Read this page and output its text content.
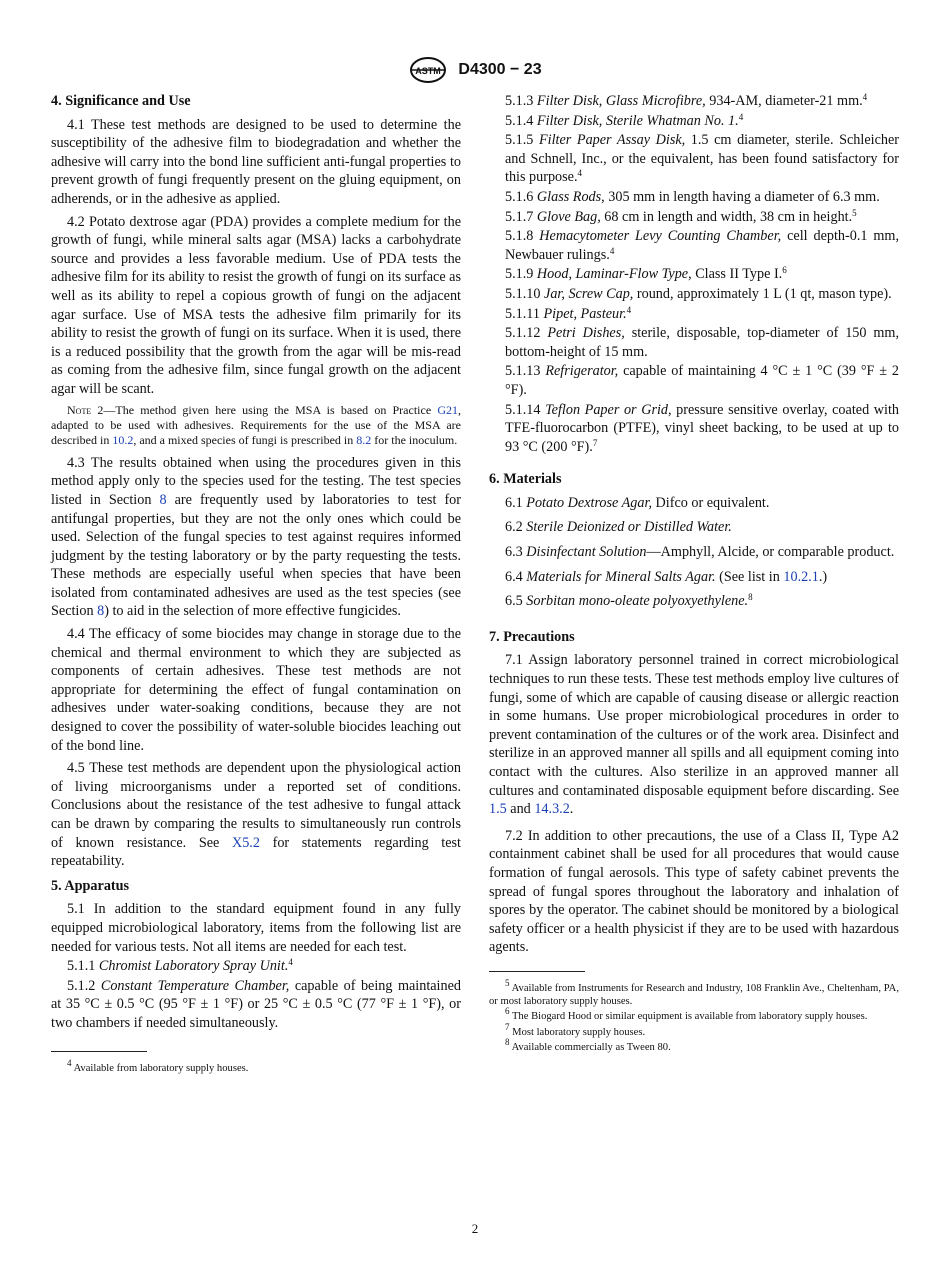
ASTM D4300 − 23
4. Significance and Use

4.1 These test methods are designed to be used to determine the susceptibility of the adhesive film to biodegradation and whether the adhesive will carry into the bond line sufficient anti-fungal properties to prevent growth of fungi frequently present on the gluing equipment, on adherends, or in the adhesive as applied.

4.2 Potato dextrose agar (PDA) provides a complete medium for the growth of fungi, while mineral salts agar (MSA) lacks a carbohydrate source and provides a less favorable medium. Use of PDA tests the adhesive film for its ability to resist the growth of fungi on its surface as well as its ability to repel a copious growth of fungi on the adjacent agar surface. Use of MSA tests the adhesive film primarily for its ability to resist the growth of fungi on its surface. When it is used, there is a reduced possibility that the growth from the agar will be mis-read as coming from the adhesive film, since fungal growth on the adjacent agar will be scant.

Note 2—The method given here using the MSA is based on Practice G21, adapted to be used with adhesives. Requirements for the use of the MSA are described in 10.2, and a mixed species of fungi is prescribed in 8.2 for the inoculum.

4.3 The results obtained when using the procedures given in this method apply only to the species used for the testing. The test species listed in Section 8 are frequently used by laboratories to test for antifungal properties, but they are not the only ones which could be used. Selection of the fungal species to test against requires informed judgment by the testing laboratory or by the party requesting the tests. These methods are especially useful when species that have been isolated from contaminated adhesives are used as the test species (see Section 8) to aid in the selection of more effective fungicides.

4.4 The efficacy of some biocides may change in storage due to the chemical and thermal environment to which they are subjected as components of certain adhesives. These test methods are not appropriate for determining the effect of fungal contamination on adhesives under water-soaking conditions, because they are not designed to cover the possibility of water-soluble biocides leaching out of the bond line.

4.5 These test methods are dependent upon the physiological action of living microorganisms under a reported set of conditions. Conclusions about the resistance of the test adhesive to fungal attack can be drawn by comparing the results to simultaneously run controls of known resistance. See X5.2 for statements regarding test repeatability.

5. Apparatus

5.1 In addition to the standard equipment found in any fully equipped microbiological laboratory, items from the following list are needed for various tests. Not all items are needed for each test.

5.1.1 Chromist Laboratory Spray Unit.$^4$

5.1.2 Constant Temperature Chamber, capable of being maintained at 35 °C ± 0.5 °C (95 °F ± 1 °F) or 25 °C ± 0.5 °C (77 °F ± 1 °F), or two chambers if needed simultaneously.

$^4$ Available from laboratory supply houses.

5.1.3 Filter Disk, Glass Microfibre, 934-AM, diameter-21 mm.$^4$

5.1.4 Filter Disk, Sterile Whatman No. 1.$^4$

5.1.5 Filter Paper Assay Disk, 1.5 cm diameter, sterile. Schleicher and Schnell, Inc., or the equivalent, has been found satisfactory for this purpose.$^4$

5.1.6 Glass Rods, 305 mm in length having a diameter of 6.3 mm.

5.1.7 Glove Bag, 68 cm in length and width, 38 cm in height.$^5$

5.1.8 Hemacytometer Levy Counting Chamber, cell depth-0.1 mm, Newbauer rulings.$^4$

5.1.9 Hood, Laminar-Flow Type, Class II Type I.$^6$

5.1.10 Jar, Screw Cap, round, approximately 1 L (1 qt, mason type).

5.1.11 Pipet, Pasteur.$^4$

5.1.12 Petri Dishes, sterile, disposable, top-diameter of 150 mm, bottom-height of 15 mm.

5.1.13 Refrigerator, capable of maintaining 4 °C ± 1 °C (39 °F ± 2 °F).

5.1.14 Teflon Paper or Grid, pressure sensitive overlay, coated with TFE-fluorocarbon (PTFE), vinyl sheet backing, to be used at up to 93 °C (200 °F).$^7$

6. Materials

6.1 Potato Dextrose Agar, Difco or equivalent.

6.2 Sterile Deionized or Distilled Water.

6.3 Disinfectant Solution—Amphyll, Alcide, or comparable product.

6.4 Materials for Mineral Salts Agar. (See list in 10.2.1.)

6.5 Sorbitan mono-oleate polyoxyethylene.$^8$

7. Precautions

7.1 Assign laboratory personnel trained in correct microbiological techniques to run these tests. These test methods employ live cultures of fungi, some of which are capable of causing disease or allergic reaction in some humans. Use proper microbiological procedures in order to prevent contamination of the cultures or of the work area. Disinfect and sterilize in an approved manner all spills and all equipment coming into contact with the cultures. Also sterilize in an approved manner all cultures and contaminated disposable equipment before discarding. See 1.5 and 14.3.2.

7.2 In addition to other precautions, the use of a Class II, Type A2 containment cabinet shall be used for all procedures that would cause formation of fungal aerosols. This type of safety cabinet prevents the spread of fungal spores throughout the laboratory and inhalation of spores by the operator. The cabinet should be monitored by a biological safety officer or a health physicist if they are to be used with hazardous agents.

$^5$ Available from Instruments for Research and Industry, 108 Franklin Ave., Cheltenham, PA, or most laboratory supply houses.
$^6$ The Biogard Hood or similar equipment is available from laboratory supply houses.
$^7$ Most laboratory supply houses.
$^8$ Available commercially as Tween 80.
2
